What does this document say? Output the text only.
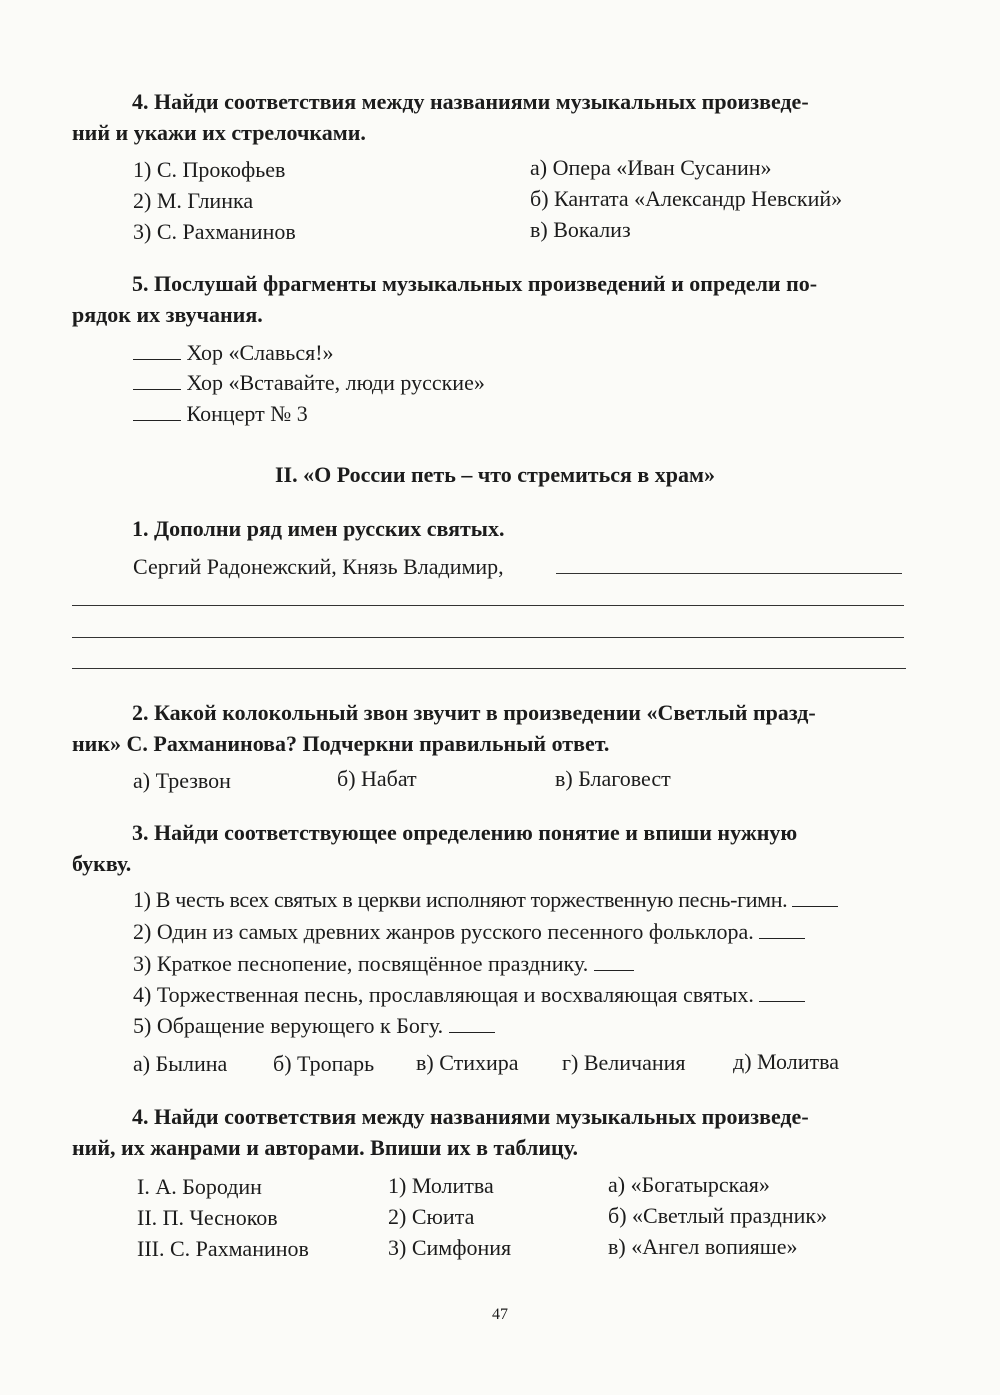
4. Найди соответствия между названиями музыкальных произведе-
ний и укажи их стрелочками.
1) С. Прокофьев
2) М. Глинка
3) С. Рахманинов
а) Опера «Иван Сусанин»
б) Кантата «Александр Невский»
в) Вокализ
5. Послушай фрагменты музыкальных произведений и определи по-
рядок их звучания.
Хор «Славься!»
Хор «Вставайте, люди русские»
Концерт № 3
II. «О России петь – что стремиться в храм»
1. Дополни ряд имен русских святых.
Сергий Радонежский, Князь Владимир,
2. Какой колокольный звон звучит в произведении «Светлый празд-
ник» С. Рахманинова? Подчеркни правильный ответ.
а) Трезвон	б) Набат	в) Благовест
3. Найди соответствующее определению понятие и впиши нужную
букву.
1) В честь всех святых в церкви исполняют торжественную песнь-гимн.
2) Один из самых древних жанров русского песенного фольклора.
3) Краткое песнопение, посвящённое празднику.
4) Торжественная песнь, прославляющая и восхваляющая святых.
5) Обращение верующего к Богу.
а) Былина б) Тропарь в) Стихира г) Величания д) Молитва
4. Найди соответствия между названиями музыкальных произведе-
ний, их жанрами и авторами. Впиши их в таблицу.
I. А. Бородин
II. П. Чесноков
III. С. Рахманинов
1) Молитва
2) Сюита
3) Симфония
а) «Богатырская»
б) «Светлый праздник»
в) «Ангел вопияше»
47
